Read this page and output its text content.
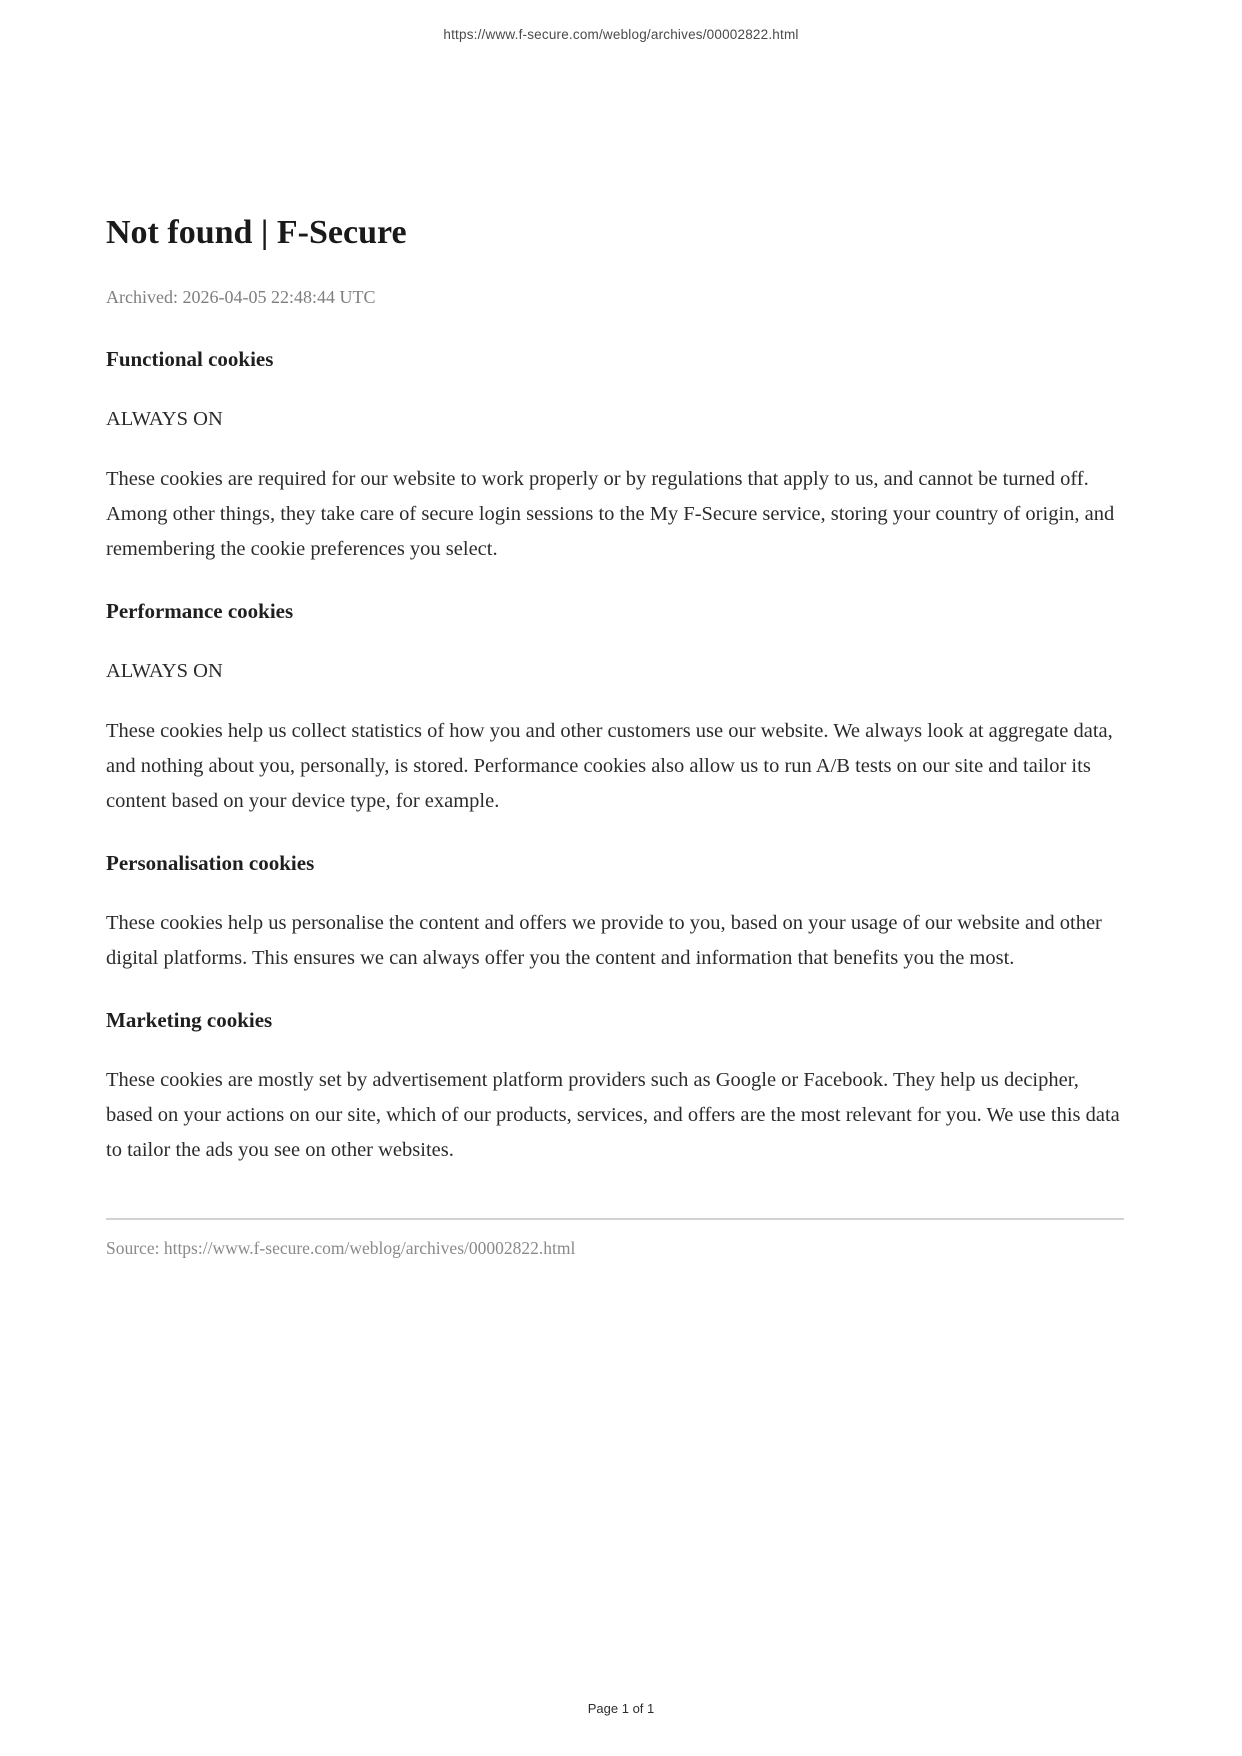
https://www.f-secure.com/weblog/archives/00002822.html
Not found | F-Secure
Archived: 2026-04-05 22:48:44 UTC
Functional cookies

ALWAYS ON

These cookies are required for our website to work properly or by regulations that apply to us, and cannot be turned off. Among other things, they take care of secure login sessions to the My F-Secure service, storing your country of origin, and remembering the cookie preferences you select.

Performance cookies

ALWAYS ON

These cookies help us collect statistics of how you and other customers use our website. We always look at aggregate data, and nothing about you, personally, is stored. Performance cookies also allow us to run A/B tests on our site and tailor its content based on your device type, for example.

Personalisation cookies

These cookies help us personalise the content and offers we provide to you, based on your usage of our website and other digital platforms. This ensures we can always offer you the content and information that benefits you the most.

Marketing cookies

These cookies are mostly set by advertisement platform providers such as Google or Facebook. They help us decipher, based on your actions on our site, which of our products, services, and offers are the most relevant for you. We use this data to tailor the ads you see on other websites.

Source: https://www.f-secure.com/weblog/archives/00002822.html
Page 1 of 1
